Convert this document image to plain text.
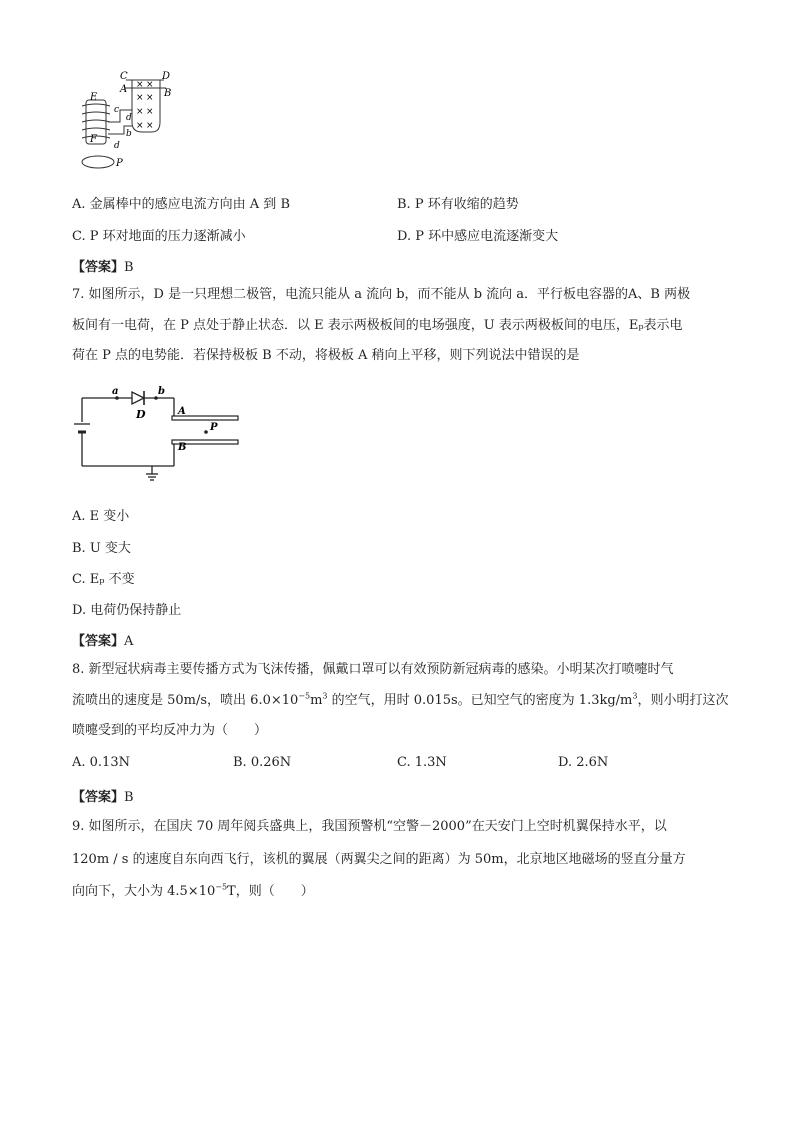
× ×
× ×
× ×
× ×
C	D
A	B
E
F
c
d
b
d
P
A. 金属棒中的感应电流方向由 A 到 B	B. P 环有收缩的趋势
C. P 环对地面的压力逐渐减小	D. P 环中感应电流逐渐变大
【答案】B
7. 如图所示，D 是一只理想二极管，电流只能从 a 流向 b，而不能从 b 流向 a．平行板电容器的A、B 两极
板间有一电荷，在 P 点处于静止状态．以 E 表示两极板间的电场强度，U 表示两极板间的电压，Eₚ表示电
荷在 P 点的电势能．若保持极板 B 不动，将极板 A 稍向上平移，则下列说法中错误的是
a	b
D	A
B
P
A. E 变小
B. U 变大
C. Eₚ 不变
D. 电荷仍保持静止
【答案】A
8. 新型冠状病毒主要传播方式为飞沫传播，佩戴口罩可以有效预防新冠病毒的感染。小明某次打喷嚏时气
流喷出的速度是 50m/s，喷出 $6.0\times 10^{-5}m^3$ 的空气，用时 0.015s。已知空气的密度为 $1.3kg/m^3$，则小明打这次
喷嚏受到的平均反冲力为（　　）
A. 0.13N	B. 0.26N	C. 1.3N	D. 2.6N
【答案】B
9. 如图所示，在国庆 70 周年阅兵盛典上，我国预警机“空警－2000”在天安门上空时机翼保持水平，以
120m / s 的速度自东向西飞行，该机的翼展（两翼尖之间的距离）为 50m，北京地区地磁场的竖直分量方
向向下，大小为 $4.5\times 10^{-5}T$，则（　　）
